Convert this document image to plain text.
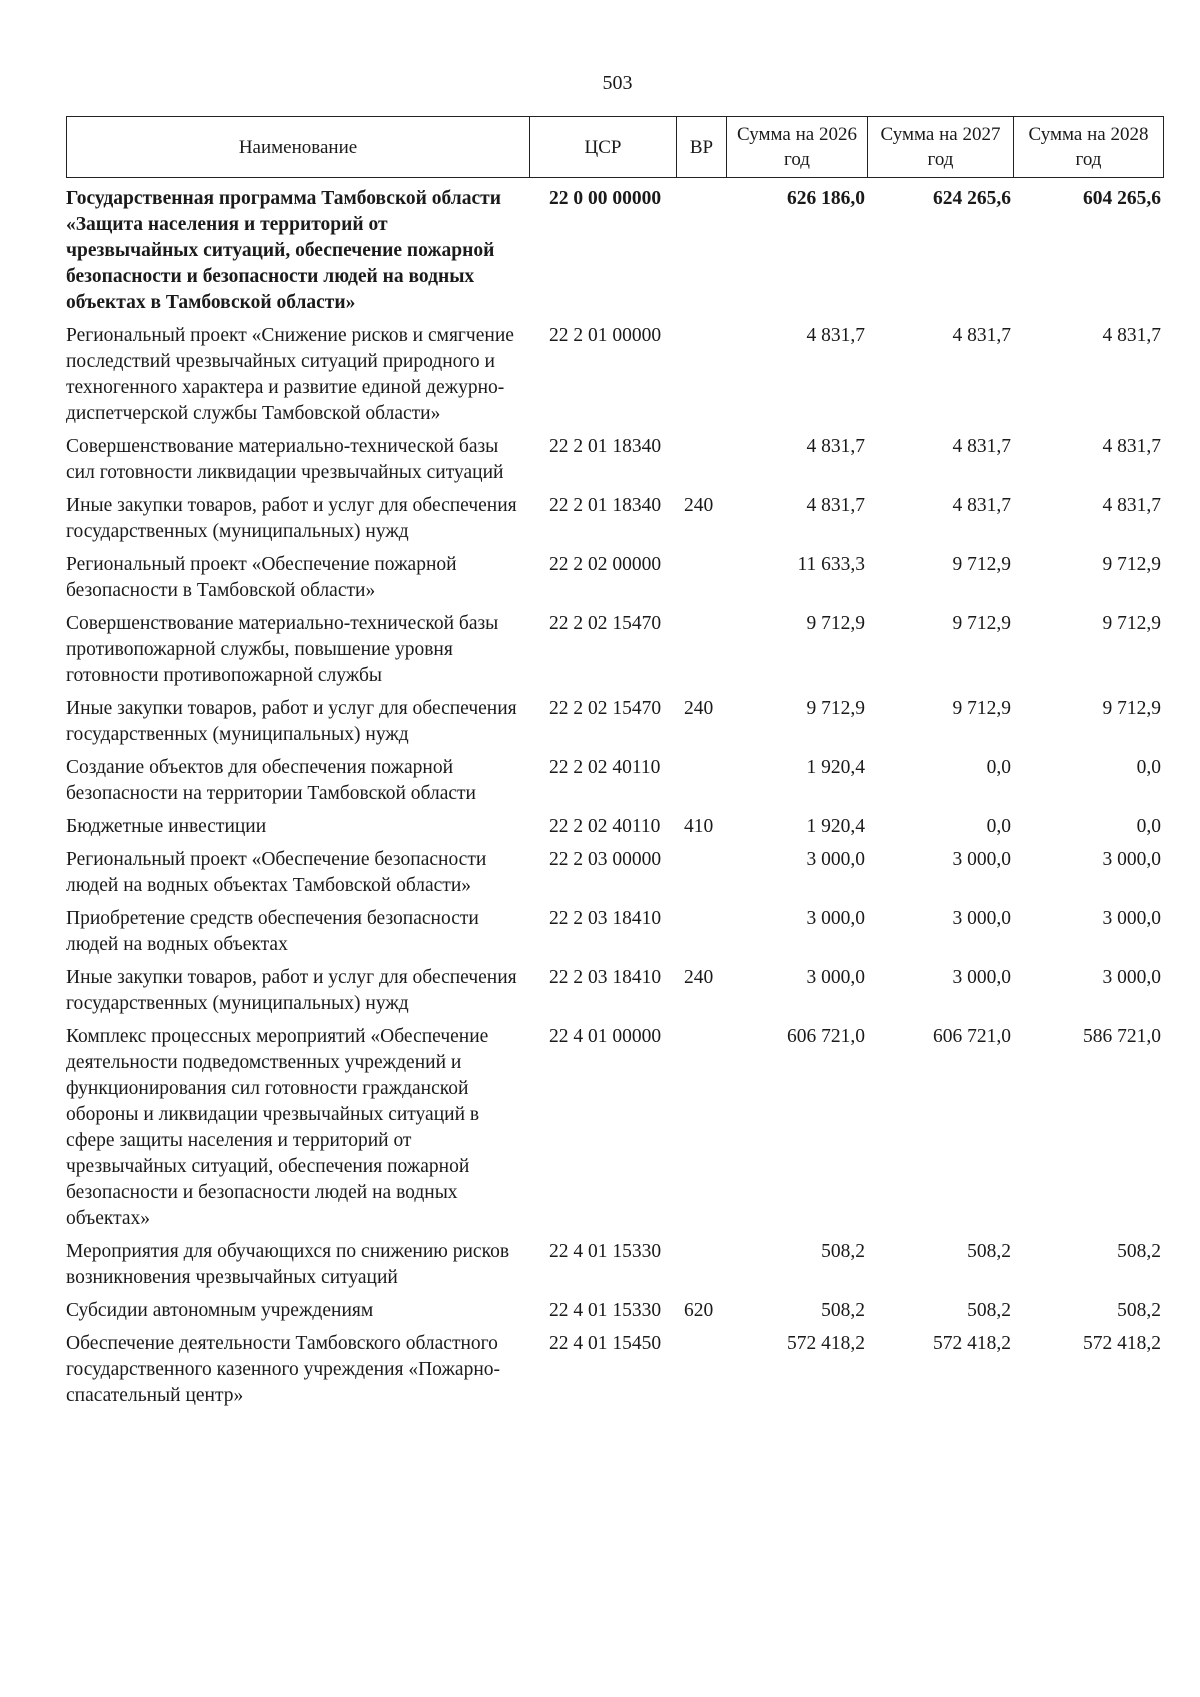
503
Наименование	ЦСР	ВР	Сумма на 2026 год	Сумма на 2027 год	Сумма на 2028 год
Государственная программа Тамбовской области «Защита населения и территорий от чрезвычайных ситуаций, обеспечение пожарной безопасности и безопасности людей на водных объектах в Тамбовской области»	22 0 00 00000		626 186,0	624 265,6	604 265,6
Региональный проект «Снижение рисков и смягчение последствий чрезвычайных ситуаций природного и техногенного характера и развитие единой дежурно-диспетчерской службы Тамбовской области»	22 2 01 00000		4 831,7	4 831,7	4 831,7
Совершенствование материально-технической базы сил готовности ликвидации чрезвычайных ситуаций	22 2 01 18340		4 831,7	4 831,7	4 831,7
Иные закупки товаров, работ и услуг для обеспечения государственных (муниципальных) нужд	22 2 01 18340	240	4 831,7	4 831,7	4 831,7
Региональный проект «Обеспечение пожарной безопасности в Тамбовской области»	22 2 02 00000		11 633,3	9 712,9	9 712,9
Совершенствование материально-технической базы противопожарной службы, повышение уровня готовности противопожарной службы	22 2 02 15470		9 712,9	9 712,9	9 712,9
Иные закупки товаров, работ и услуг для обеспечения государственных (муниципальных) нужд	22 2 02 15470	240	9 712,9	9 712,9	9 712,9
Создание объектов для обеспечения пожарной безопасности на территории Тамбовской области	22 2 02 40110		1 920,4	0,0	0,0
Бюджетные инвестиции	22 2 02 40110	410	1 920,4	0,0	0,0
Региональный проект «Обеспечение безопасности людей на водных объектах Тамбовской области»	22 2 03 00000		3 000,0	3 000,0	3 000,0
Приобретение средств обеспечения безопасности людей на водных объектах	22 2 03 18410		3 000,0	3 000,0	3 000,0
Иные закупки товаров, работ и услуг для обеспечения государственных (муниципальных) нужд	22 2 03 18410	240	3 000,0	3 000,0	3 000,0
Комплекс процессных мероприятий «Обеспечение деятельности подведомственных учреждений и функционирования сил готовности гражданской обороны и ликвидации чрезвычайных ситуаций в сфере защиты населения и территорий от чрезвычайных ситуаций, обеспечения пожарной безопасности и безопасности людей на водных объектах»	22 4 01 00000		606 721,0	606 721,0	586 721,0
Мероприятия для обучающихся по снижению рисков возникновения чрезвычайных ситуаций	22 4 01 15330		508,2	508,2	508,2
Субсидии автономным учреждениям	22 4 01 15330	620	508,2	508,2	508,2
Обеспечение деятельности Тамбовского областного государственного казенного учреждения «Пожарно-спасательный центр»	22 4 01 15450		572 418,2	572 418,2	572 418,2
